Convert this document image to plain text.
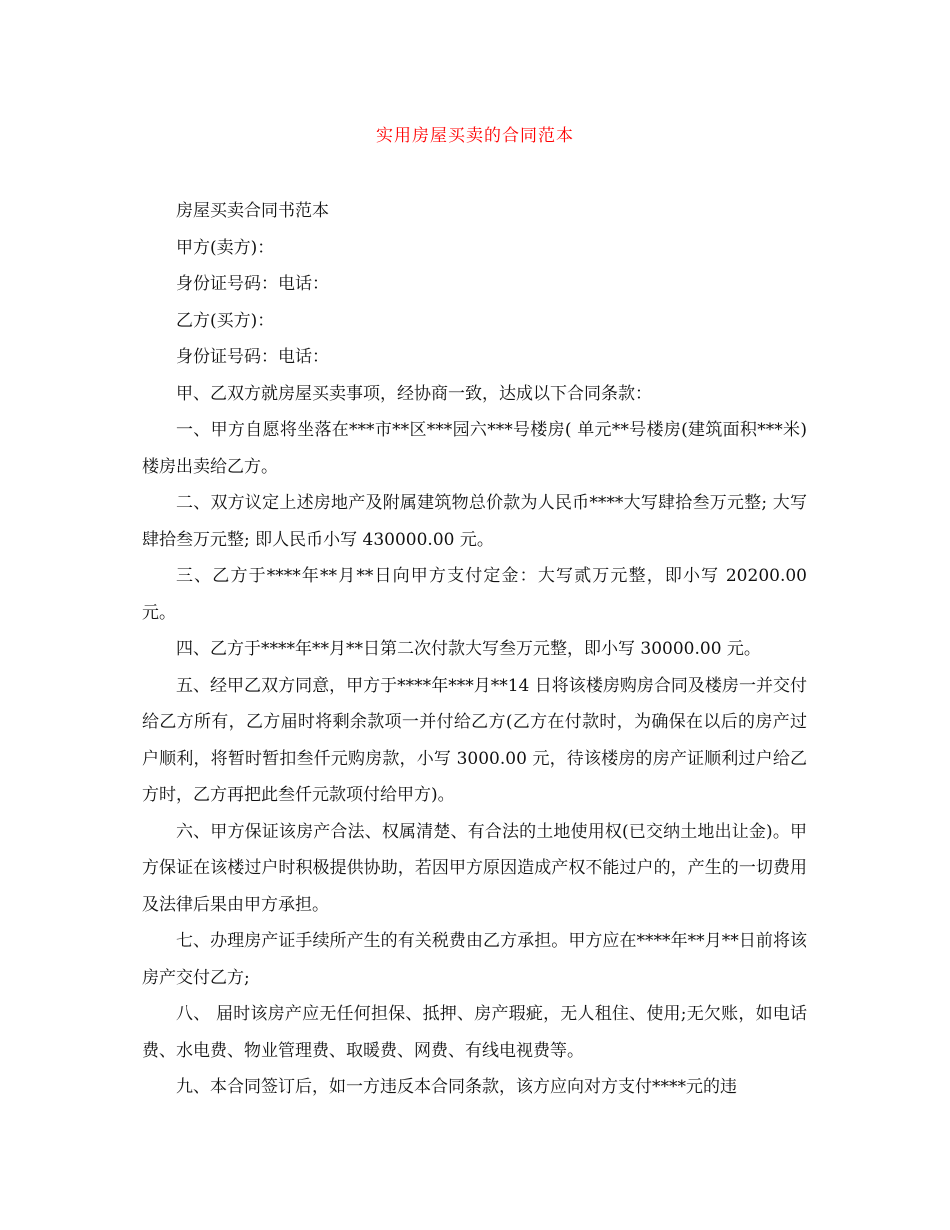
实用房屋买卖的合同范本

房屋买卖合同书范本

甲方(卖方)：

身份证号码：电话：

乙方(买方)：

身份证号码：电话：

甲、乙双方就房屋买卖事项，经协商一致，达成以下合同条款：

一、甲方自愿将坐落在***市**区***园六***号楼房( 单元**号楼房(建筑面积***米)楼房出卖给乙方。

二、双方议定上述房地产及附属建筑物总价款为人民币****大写肆拾叁万元整; 大写肆拾叁万元整; 即人民币小写 430000.00 元。

三、乙方于****年**月**日向甲方支付定金：大写贰万元整，即小写 20200.00 元。

四、乙方于****年**月**日第二次付款大写叁万元整，即小写 30000.00 元。

五、经甲乙双方同意，甲方于****年***月**14 日将该楼房购房合同及楼房一并交付给乙方所有，乙方届时将剩余款项一并付给乙方(乙方在付款时，为确保在以后的房产过户顺利，将暂时暂扣叁仟元购房款，小写 3000.00 元，待该楼房的房产证顺利过户给乙方时，乙方再把此叁仟元款项付给甲方)。

六、甲方保证该房产合法、权属清楚、有合法的土地使用权(已交纳土地出让金)。甲方保证在该楼过户时积极提供协助，若因甲方原因造成产权不能过户的，产生的一切费用及法律后果由甲方承担。

七、办理房产证手续所产生的有关税费由乙方承担。甲方应在****年**月**日前将该房产交付乙方;

八、 届时该房产应无任何担保、抵押、房产瑕疵，无人租住、使用;无欠账，如电话费、水电费、物业管理费、取暖费、网费、有线电视费等。

九、本合同签订后，如一方违反本合同条款，该方应向对方支付****元的违
